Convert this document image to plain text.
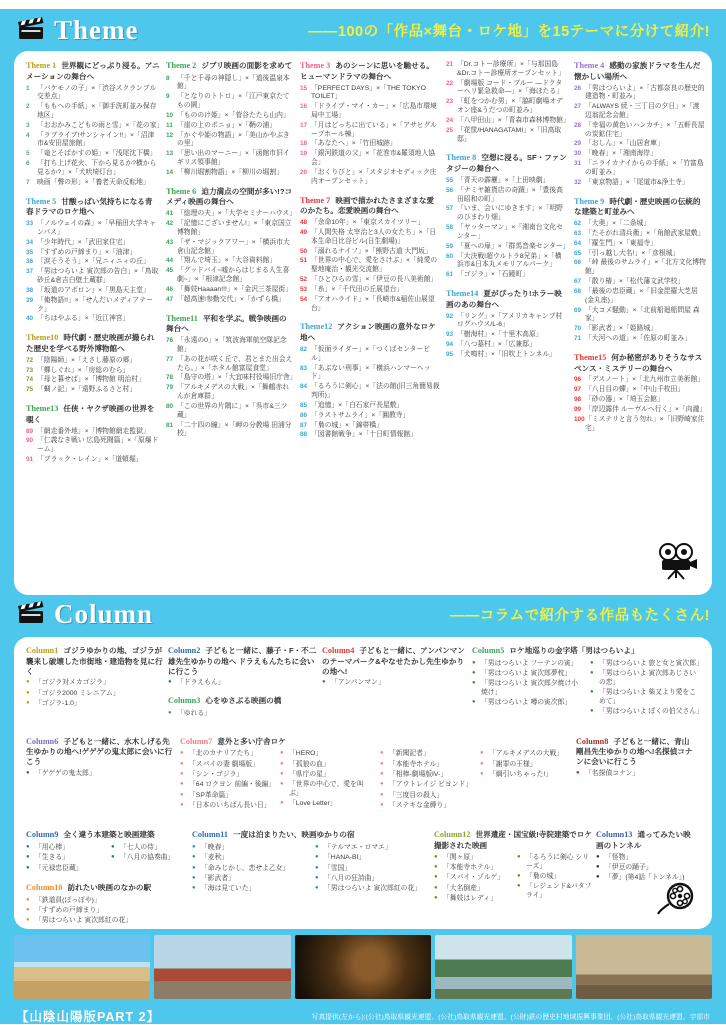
Theme	——100の「作品×舞台・ロケ地」を15テーマに分けて紹介!
Theme 1 世界観にどっぷり浸る。アニメーションの舞台へ
1 「バケモノの子」×「渋谷スクランブル交差点」
2 「ももへの手紙」×「御手洗町並み保存地区」
3 「おおかみこどもの雨と雪」×「花の家」
4 「ラブライブ!サンシャイン!!」×「沼津市&安田屋旅館」
5 「竜とそばかすの姫」×「浅尾沈下橋」
6 「打ち上げ花火、下から見るか?横から見るか?」×「犬吠埼灯台」
7 映画「聲の形」×「養老天命反転地」
Theme 5 甘酸っぱい気持ちになる青春ドラマのロケ地へ
33 「ノルウェイの森」×「早稲田大学キャンパス」
34 「少年時代」×「武田家住宅」
35 「すずめの戸締まり」×「油津」
36 「涙そうそう」×「兄ニィニィの丘」
37 「男はつらいよ 寅次郎の告白」×「鳥取砂丘&倉吉白壁土蔵群」
38 「坂道のアポロン」×「黒島天主堂」
39 「俺物語!!」×「せんだいメディアテーク」
40 「ちはやふる」×「近江神宮」
Theme10 時代劇・歴史映画が撮られた歴史を学べる野外博物館へ
72 「陰陽師」×「えさし藤原の郷」
73 「蟬しぐれ」×「房総のむら」
74 「母と暮せば」×「博物館 明治村」
75 「蜩ノ記」×「遠野ふるさと村」
Theme13 任侠・ヤクザ映画の世界を覗く
89 「網走番外地」×「博物館網走監獄」
90 「仁義なき戦い 広島死闘篇」×「原爆ドーム」
91 「ブラック・レイン」×「道頓堀」
Theme 2 ジブリ映画の面影を求めて
8 「千と千尋の神隠し」×「道後温泉本館」
9 「となりのトトロ」×「江戸東京たてもの園」
10 「もののけ姫」×「菅谷たたら山内」
11 「崖の上のポニョ」×「鞆の浦」
12 「かぐや姫の物語」×「美山かやぶきの里」
13 「思い出のマーニー」×「函館市旧イギリス領事館」
14 「柳川堀割物語」×「柳川の堀割」
Theme 6 迫力満点の空間が多い!?コメディ映画の舞台へ
41 「総理の夫」×「大学セミナーハウス」
42 「記憶にございません!」×「東京国立博物館」
43 「ザ・マジックアワー」×「横浜市大倉山記念館」
44 「翔んで埼玉」×「大谷資料館」
45 「グッドバイ~嘘からはじまる人生喜劇~」×「根津記念館」
46 「舞妓Haaaan!!!」×「金沢三茶屋街」
47 「超高速!参勤交代」×「かずら橋」
Theme11 平和を学ぶ。戦争映画の舞台へ
76 「永遠の0」×「筑波海軍航空隊記念館」
77 「あの花が咲く丘で、君とまた出会えたら。」×「ホタル館富屋食堂」
78 「島守の塔」×「大宜味村役場旧庁舎」
79 「アルキメデスの大戦」×「舞鶴赤れんが倉庫群」
80 「この世界の片隅に」×「呉市&三ツ蔵」
81 「二十四の瞳」×「岬の分教場 田浦分校」
Theme 3 あのシーンに思いを馳せる。ヒューマンドラマの舞台へ
15 「PERFECT DAYS」×「THE TOKYO TOILET」
16 「ドライブ・マイ・カー」×「広島市環境局中工場」
17 「月はどっちに出ている」×「アサヒグループホール棟」
18 「あなたへ」×「竹田城跡」
19 「銀河鉄道の父」×「花巻市&羅須地人協会」
20 「おくりびと」×「スタジオセディック庄内オープンセット」
Theme 7 映画で描かれたさまざまな愛のかたち。恋愛映画の舞台へ
48 「余命10年」×「東京スカイツリー」
49 「人間失格 太宰治と3人の女たち」×「日本生命日比谷ビル(日生劇場)」
50 「溺れるナイフ」×「熊野古道 大門坂」
51 「世界の中心で、愛をさけぶ」×「純愛の聖地庵治・観光交流館」
52 「ひとひらの雪」×「伊豆の長八美術館」
53 「糸」×「千代田の丘展望台」
54 「アオハライド」×「長崎市&稲佐山展望台」
Theme12 アクション映画の意外なロケ地へ
82 「仮面ライダー」×「つくばセンタービル」
83 「あぶない刑事」×「横浜ハンマーヘッド」
84 「るろうに剣心」×「法の館(旧三角簡易裁判所)」
85 「追憶」×「白石家戸長屋敷」
86 「ラストサムライ」×「圓教寺」
87 「梟の城」×「錦帯橋」
88 「図書館戦争」×「十日町情報館」
21 「Dr.コトー診療所」×「与那国島&Dr.コトー診療所オープンセット」
22 「劇場版 コード・ブルー ―ドクターヘリ緊急救命―」×「海ほたる」
23 「虹をつかむ男」×「脇町劇場オデオン座&うだつの町並み」
24 「八甲田山」×「青森市森林博物館」
25 「花筐/HANAGATAMI」×「旧高取邸」
Theme 8 空想に浸る。SF・ファンタジーの舞台へ
55 「青天の霹靂」×「上田映劇」
56 「ナミヤ雑貨店の奇蹟」×「豊後高田昭和の町」
57 「いま、会いにゆきます」×「明野のひまわり畑」
58 「ヤッターマン」×「湘南台文化センター」
59 「夏への扉」×「群馬音楽センター」
60 「大決戦!超ウルトラ8兄弟」×「横浜市&日本丸メモリアルパーク」
61 「ゴジラ」×「石鏡町」
Theme14 夏がぴったり!ホラー映画のあの舞台へ
92 「リング」×「アメリカキャンプ村 ログハウス/L-6」
93 「樹海村」×「十里木高原」
94 「八つ墓村」×「広兼邸」
95 「犬鳴村」×「旧吹上トンネル」
Theme 4 感動の家族ドラマを生んだ懐かしい場所へ
26 「男はつらいよ」×「古都奈良の歴史的建造物・町並み」
27 「ALWAYS 続・三丁目の夕日」×「渡辺翁記念会館」
28 「幸福の黄色いハンカチ」×「五軒長屋の炭鉱住宅」
29 「おしん」×「山居倉庫」
30 「晩春」×「湘南海岸」
31 「ニライカナイからの手紙」×「竹富島の町並み」
32 「東京物語」×「尾道市&浄土寺」
Theme 9 時代劇・歴史映画の伝統的な建築と町並みへ
62 「大奥」×「二条城」
63 「たそがれ清兵衛」×「角館武家屋敷」
64 「羅生門」×「東福寺」
65 「引っ越し大名!」×「彦根城」
66 「峠 最後のサムライ」×「北方文化博物館」
67 「散り椿」×「松代藩文武学校」
68 「最後の忠臣蔵」×「旧金毘羅大芝居(金丸座)」
69 「大コメ騒動」×「北前船廻船問屋 森家」
70 「影武者」×「姫路城」
71 「大河への道」×「佐原の町並み」
Theme15 何か秘密がありそうなサスペンス・ミステリーの舞台へ
96 「デスノート」×「北九州市立美術館」
97 「八日目の蟬」×「中山千枚田」
98 「砂の器」×「埼玉会館」
99 「岸辺露伴 ルーヴルへ行く」×「向瀧」
100 「ミステリと言う勿れ」×「旧野崎家住宅」
Column	——コラムで紹介する作品もたくさん!
Column1 ゴジラゆかりの地、ゴジラが襲来し破壊した市街地・建造物を見に行く
● 「ゴジラ対メカゴジラ」
● 「ゴジラ2000 ミレニアム」
● 「ゴジラ-1.0」
Column2 子どもと一緒に、藤子・F・不二雄先生ゆかりの地へ ドラえもんたちに会いに行こう
● 「ドラえもん」
Column3 心をゆさぶる映画の橋
● 「ゆれる」
Column4 子どもと一緒に、アンパンマンのテーマパーク&やなせたかし先生ゆかりの地へ!
● 「アンパンマン」
Column5 ロケ地巡りの金字塔「男はつらいよ」
● 「男はつらいよ フーテンの寅」
● 「男はつらいよ 寅次郎夢枕」
● 「男はつらいよ 寅次郎夕焼け小焼け」
● 「男はつらいよ 噂の寅次郎」
● 「男はつらいよ 旅と女と寅次郎」
● 「男はつらいよ 寅次郎あじさいの恋」
● 「男はつらいよ 柴又より愛をこめて」
● 「男はつらいよ ぼくの伯父さん」
Column6 子どもと一緒に、水木しげる先生ゆかりの地へ!ゲゲゲの鬼太郎に会いに行こう
● 「ゲゲゲの鬼太郎」
Column7 意外と多い庁舎ロケ
● 「北のカナリアたち」
● 「スパイの妻 劇場版」
● 「シン・ゴジラ」
● 「64 ロクヨン 前編・後編」
● 「SP革命篇」
● 「日本のいちばん長い日」
● 「HERO」
● 「孤狼の血」
● 「県庁の星」
● 「世界の中心で、愛を叫ぶ」
● 「Love Letter」
● 「新聞記者」
● 「本能寺ホテル」
● 「相棒-劇場版IV-」
● 「アウトレイジ ビヨンド」
● 「三度目の殺人」
● 「ステキな金縛り」
● 「アルキメデスの大戦」
● 「謝罪の王様」
● 「綱引いちゃった!」
Column8 子どもと一緒に、青山剛昌先生ゆかりの地へ!名探偵コナンに会いに行こう
● 「名探偵コナン」
Column9 全く違う本建築と映画建築
● 「用心棒」
● 「生きる」
● 「元禄忠臣蔵」
● 「七人の侍」
● 「八月の協奏曲」
Column10 訪れたい映画のなかの駅
● 「鉄道員(ぽっぽや)」
● 「すずめの戸締まり」
● 「男はつらいよ 寅次郎紅の花」
Column11 一度は泊まりたい、映画ゆかりの宿
● 「晩春」
● 「麦秋」
● 「命みじかし、恋せよ乙女」
● 「影武者」
● 「海は見ていた」
● 「テルマエ・ロマエ」
● 「HANA-BI」
● 「雪国」
● 「八月の狂詩曲」
● 「男はつらいよ 寅次郎紅の花」
Column12 世界遺産・国宝級!寺院建築でロケ撮影された映画
● 「関ヶ原」
● 「本能寺ホテル」
● 「スパイ・ゾルゲ」
● 「大名倒産」
● 「舞妓はレディ」
● 「るろうに剣心 シリーズ」
● 「梟の城」
● 「レジェンド&バタフライ」
Column13 通ってみたい映画のトンネル
● 「怪物」
● 「伊豆の踊子」
● 「夢」(第4話「トンネル」)
【山陰山陽版PART 2】	写真提供(左から):(公社)鳥取県観光連盟、(公社)鳥取県観光連盟、(公財)鉄の歴史村地域振興事業団、(公社)鳥取県観光連盟、宇部市
